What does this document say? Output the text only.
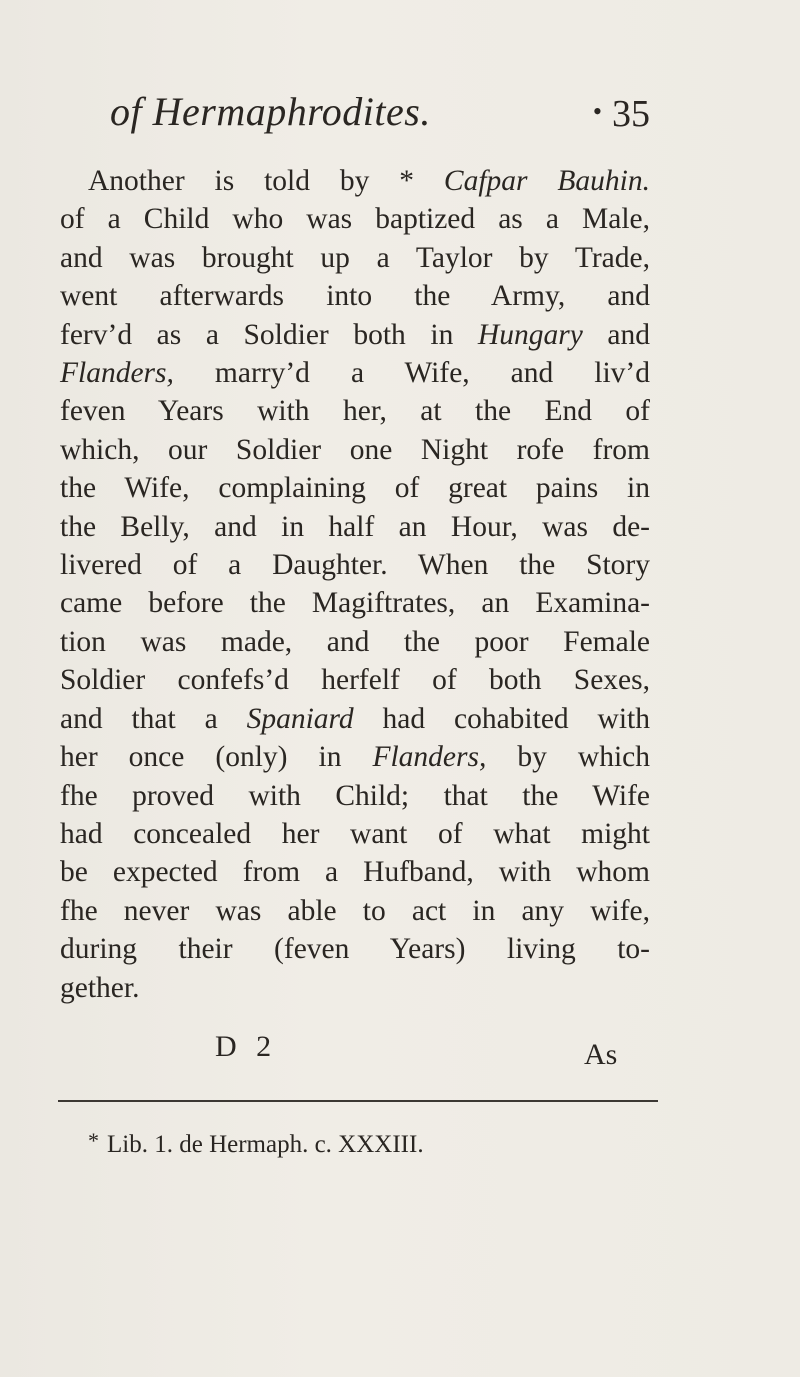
of Hermaphrodites.	• 35
Another is told by * Cafpar Bauhin.
of a Child who was baptized as a Male,
and was brought up a Taylor by Trade,
went afterwards into the Army, and
ferv’d as a Soldier both in Hungary and
Flanders, marry’d a Wife, and liv’d
feven Years with her, at the End of
which, our Soldier one Night rofe from
the Wife, complaining of great pains in
the Belly, and in half an Hour, was de-
livered of a Daughter. When the Story
came before the Magiftrates, an Examina-
tion was made, and the poor Female
Soldier confefs’d herfelf of both Sexes,
and that a Spaniard had cohabited with
her once (only) in Flanders, by which
fhe proved with Child; that the Wife
had concealed her want of what might
be expected from a Hufband, with whom
fhe never was able to act in any wife,
during their (feven Years) living to-
gether.
D 2	As
* Lib. 1. de Hermaph. c. XXXIII.
